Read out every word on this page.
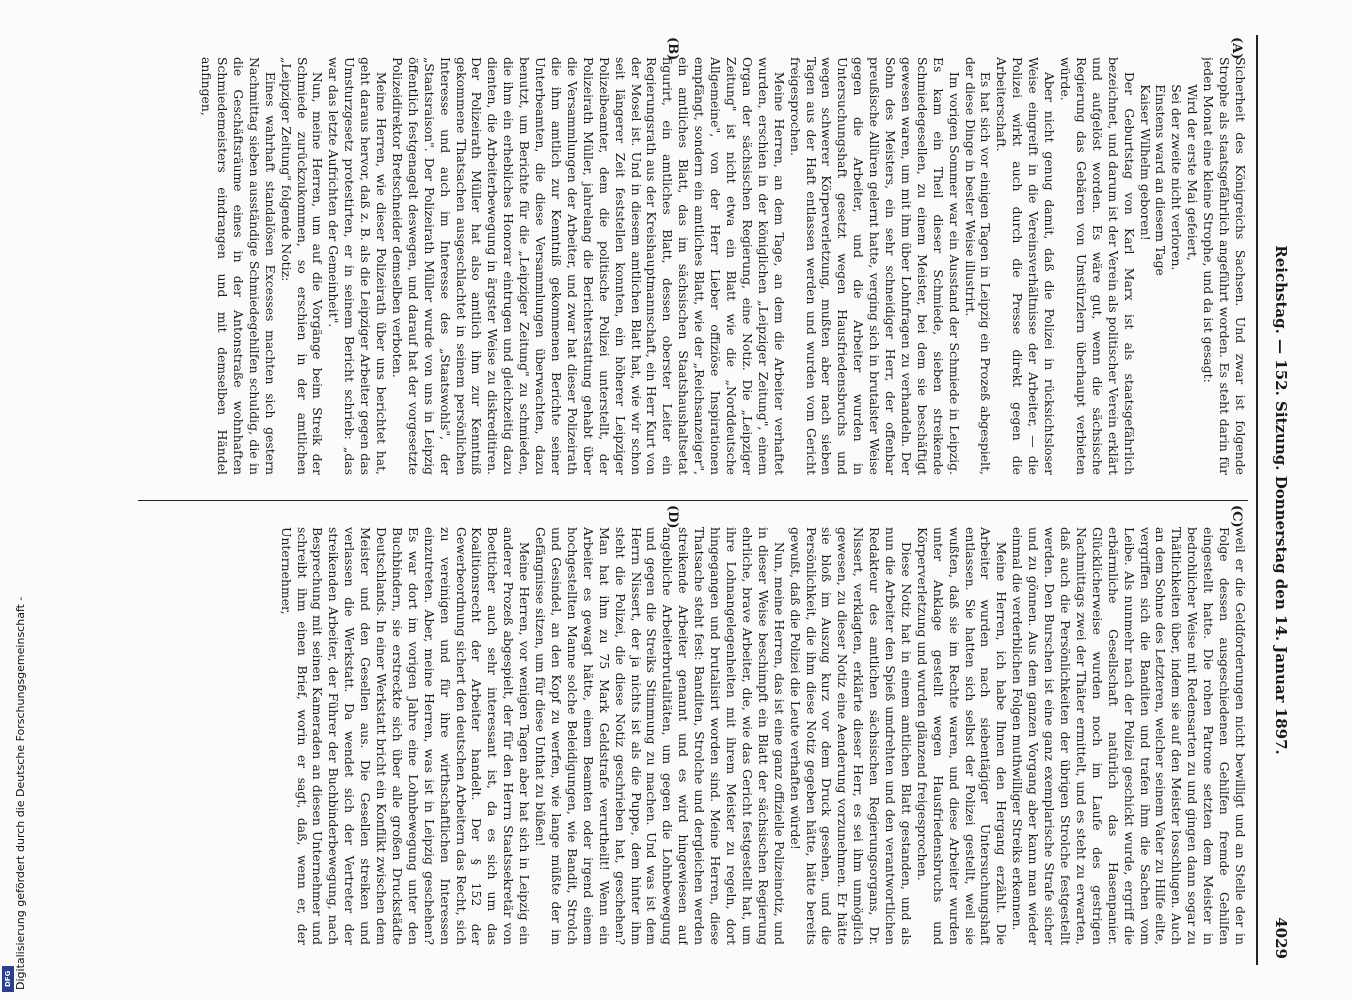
DFG Digitalisierung gefördert durch die Deutsche Forschungsgemeinschaft -
Reichstag. — 152. Sitzung. Donnerstag den 14. Januar 1897.
4029
(A)
(B)
(C)
(D)

Sicherheit des Königreichs Sachsen. Und zwar ist folgende Strophe als staatsgefährlich angeführt worden. Es steht darin für jeden Monat eine kleine Strophe, und da ist gesagt:

Wird der erste Mai gefeiert,

Sei der zweite nicht verloren.

Einstens ward an diesem Tage

Kaiser Wilhelm geboren!

Der Geburtstag von Karl Marx ist als staatsgefährlich bezeichnet, und darum ist der Verein als politischer Verein erklärt und aufgelöst worden. Es wäre gut, wenn die sächsische Regierung das Gebären von Umstürzlern überhaupt verbieten würde.

Aber nicht genug damit, daß die Polizei in rücksichtsloser Weise eingreift in die Vereinsverhältnisse der Arbeiter, — die Polizei wirkt auch durch die Presse direkt gegen die Arbeiterschaft.

Es hat sich vor einigen Tagen in Leipzig ein Prozeß abgespielt, der diese Dinge in bester Weise illustrirt.

Im vorigen Sommer war ein Ausstand der Schmiede in Leipzig. Es kam ein Theil dieser Schmiede, sieben streikende Schmiedegesellen, zu einem Meister, bei dem sie beschäftigt gewesen waren, um mit ihm über Lohnfragen zu verhandeln. Der Sohn des Meisters, ein sehr schneidiger Herr, der offenbar preußische Allüren gelernt hatte, verging sich in brutalster Weise gegen die Arbeiter, und die Arbeiter wurden in Untersuchungshaft gesetzt wegen Hausfriedensbruchs und wegen schwerer Körperverletzung, mußten aber nach sieben Tagen aus der Haft entlassen werden und wurden vom Gericht freigesprochen.

Meine Herren, an dem Tage, an dem die Arbeiter verhaftet wurden, erschien in der königlichen „Leipziger Zeitung", einem Organ der sächsischen Regierung, eine Notiz. Die „Leipziger Zeitung" ist nicht etwa ein Blatt wie die „Norddeutsche Allgemeine", von der Herr Lieber offiziöse Inspirationen empfängt, sondern ein amtliches Blatt, wie der „Reichsanzeiger", ein amtliches Blatt, das im sächsischen Staatshaushaltsetat figurirt, ein amtliches Blatt, dessen oberster Leiter ein Regierungsrath aus der Kreishauptmannschaft, ein Herr Kurt von der Mosel ist. Und in diesem amtlichen Blatt hat, wie wir schon seit längerer Zeit feststellen konnten, ein höherer Leipziger Polizeibeamter, dem die politische Polizei unterstellt, der Polizeirath Müller, jahrelang die Berichterstattung gehabt über die Versammlungen der Arbeiter, und zwar hat dieser Polizeirath die ihm amtlich zur Kenntniß gekommenen Berichte seiner Unterbeamten, die diese Versammlungen überwachten, dazu benutzt, um Berichte für die „Leipziger Zeitung" zu schmieden, die ihm ein erhebliches Honorar eintrugen und gleichzeitig dazu dienten, die Arbeiterbewegung in ärgster Weise zu diskreditiren. Der Polizeirath Müller hat also amtlich ihm zur Kenntniß gekommene Thatsachen ausgeschlachtet in seinem persönlichen Interesse und auch im Interesse des „Staatswohls", der „Staatsraison". Der Polizeirath Müller wurde von uns in Leipzig öffentlich festgenagelt deswegen, und darauf hat der vorgesetzte Polizeidirektor Bretschneider demselben verboten.

Meine Herren, wie dieser Polizeirath über uns berichtet hat, geht daraus hervor, daß z. B. als die Leipziger Arbeiter gegen das Umsturzgesetz protestirten, er in seinem Bericht schrieb: „das war das letzte Aufrichten der Gemeinheit".

Nun, meine Herren, um auf die Vorgänge beim Streik der Schmiede zurückzukommen, so erschien in der amtlichen „Leipziger Zeitung" folgende Notiz:

Eines wahrhaft standalösen Excesses machten sich gestern Nachmittag sieben ausständige Schmiedegehilfen schuldig, die in die Geschäftsräume eines in der Antonstraße wohnhaften Schmiedemeisters eindrangen und mit demselben Händel anfingen,

weil er die Geldforderungen nicht bewilligt und an Stelle der in Folge dessen ausgeschiedenen Gehilfen fremde Gehilfen eingestellt hatte. Die rohen Patrone setzten dem Meister in bedrohlicher Weise mit Redensarten zu und gingen dann sogar zu Thätlichkeiten über, indem sie auf den Meister losschlugen. Auch an dem Sohne des Letzteren, welcher seinem Vater zu Hilfe eilte, vergriffen sich die Banditen und trafen ihm die Sachen vom Leibe. Als nunmehr nach der Polizei geschickt wurde, ergriff die erbärmliche Gesellschaft natürlich das Hasenpanier. Glücklicherweise wurden noch im Laufe des gestrigen Nachmittags zwei der Thäter ermittelt, und es steht zu erwarten, daß auch die Persönlichkeiten der übrigen Strolche festgestellt werden. Den Burschen ist eine ganz exemplarische Strafe sicher und zu gönnen. Aus dem ganzen Vorgang aber kann man wieder einmal die verderblichen Folgen muthwilliger Streiks erkennen.

Meine Herren, ich habe Ihnen den Hergang erzählt. Die Arbeiter wurden nach siebentägiger Untersuchungshaft entlassen. Sie hatten sich selbst der Polizei gestellt, weil sie wußten, daß sie im Rechte waren, und diese Arbeiter wurden unter Anklage gestellt wegen Hausfriedensbruchs und Körperverletzung und wurden glänzend freigesprochen.

Diese Notiz hat in einem amtlichen Blatt gestanden, und als nun die Arbeiter den Spieß umdrehten und den verantwortlichen Redakteur des amtlichen sächsischen Regierungsorgans, Dr. Nissert, verklagten, erklärte dieser Herr, es sei ihm unmöglich gewesen, zu dieser Notiz eine Aenderung vorzunehmen. Er hätte sie bloß im Auszug kurz vor dem Druck gesehen, und die Persönlichkeit, die ihm diese Notiz gegeben hätte, hätte bereits gewußt, daß die Polizei die Leute verhaften würde!

Nun, meine Herren, das ist eine ganz offizielle Polizeinotiz, und in dieser Weise beschimpft ein Blatt der sächsischen Regierung ehrliche, brave Arbeiter, die, wie das Gericht festgestellt hat, um ihre Lohnangelegenheiten mit ihrem Meister zu regeln, dort hingegangen und brutalisirt worden sind. Meine Herren, diese Thatsache steht fest: Banditen, Strolche und dergleichen werden streikende Arbeiter genannt und es wird hingewiesen auf angebliche Arbeiterbrutalitäten, um gegen die Lohnbewegung und gegen die Streiks Stimmung zu machen. Und was ist dem Herrn Nissert, der ja nichts ist als die Puppe, dem hinter ihm steht die Polizei, die diese Notiz geschrieben hat, geschehen? Man hat ihm zu 75 Mark Geldstrafe verurtheilt! Wenn ein Arbeiter es gewagt hätte, einem Beamten oder irgend einem hochgestellten Manne solche Beleidigungen, wie Bandit, Strolch und Gesindel, an den Kopf zu werfen, wie lange müßte der im Gefängnisse sitzen, um für diese Unthat zu büßen!

Meine Herren, vor wenigen Tagen aber hat sich in Leipzig ein anderer Prozeß abgespielt, der für den Herrn Staatssekretär von Boetticher auch sehr interessant ist, da es sich um das Koalitionsrecht der Arbeiter handelt. Der § 152 der Gewerbeordnung sichert den deutschen Arbeitern das Recht, sich zu vereinigen und für ihre wirthschaftlichen Interessen einzutreten. Aber, meine Herren, was ist in Leipzig geschehen? Es war dort im vorigen Jahre eine Lohnbewegung unter den Buchbindern, sie erstreckte sich über alle großen Druckstädte Deutschlands. In einer Werkstatt bricht ein Konflikt zwischen dem Meister und den Gesellen aus. Die Gesellen streiken und verlassen die Werkstatt. Da wendet sich der Vertreter der streikenden Arbeiter, der Führer der Buchbinderbewegung, nach Besprechung mit seinen Kameraden an diesen Unternehmer und schreibt ihm einen Brief, worin er sagt, daß, wenn er, der Unternehmer,
